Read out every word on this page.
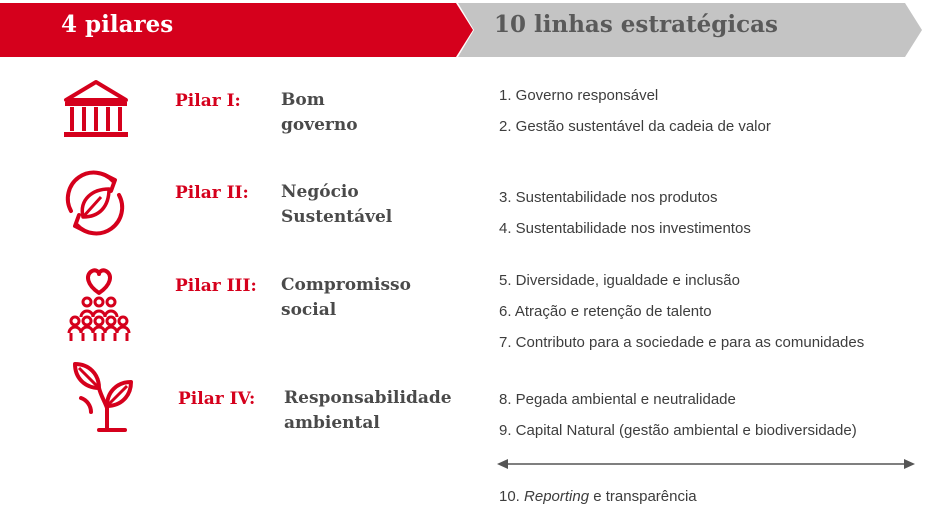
4 pilares	10 linhas estratégicas
Pilar I: Bom
governo
1. Governo responsável
2. Gestão sustentável da cadeia de valor
Pilar II: Negócio
Sustentável
3. Sustentabilidade nos produtos
4. Sustentabilidade nos investimentos
Pilar III: Compromisso
social
5. Diversidade, igualdade e inclusão
6. Atração e retenção de talento
7. Contributo para a sociedade e para as comunidades
Pilar IV: Responsabilidade
ambiental
8. Pegada ambiental e neutralidade
9. Capital Natural (gestão ambiental e biodiversidade)
10. Reporting e transparência
